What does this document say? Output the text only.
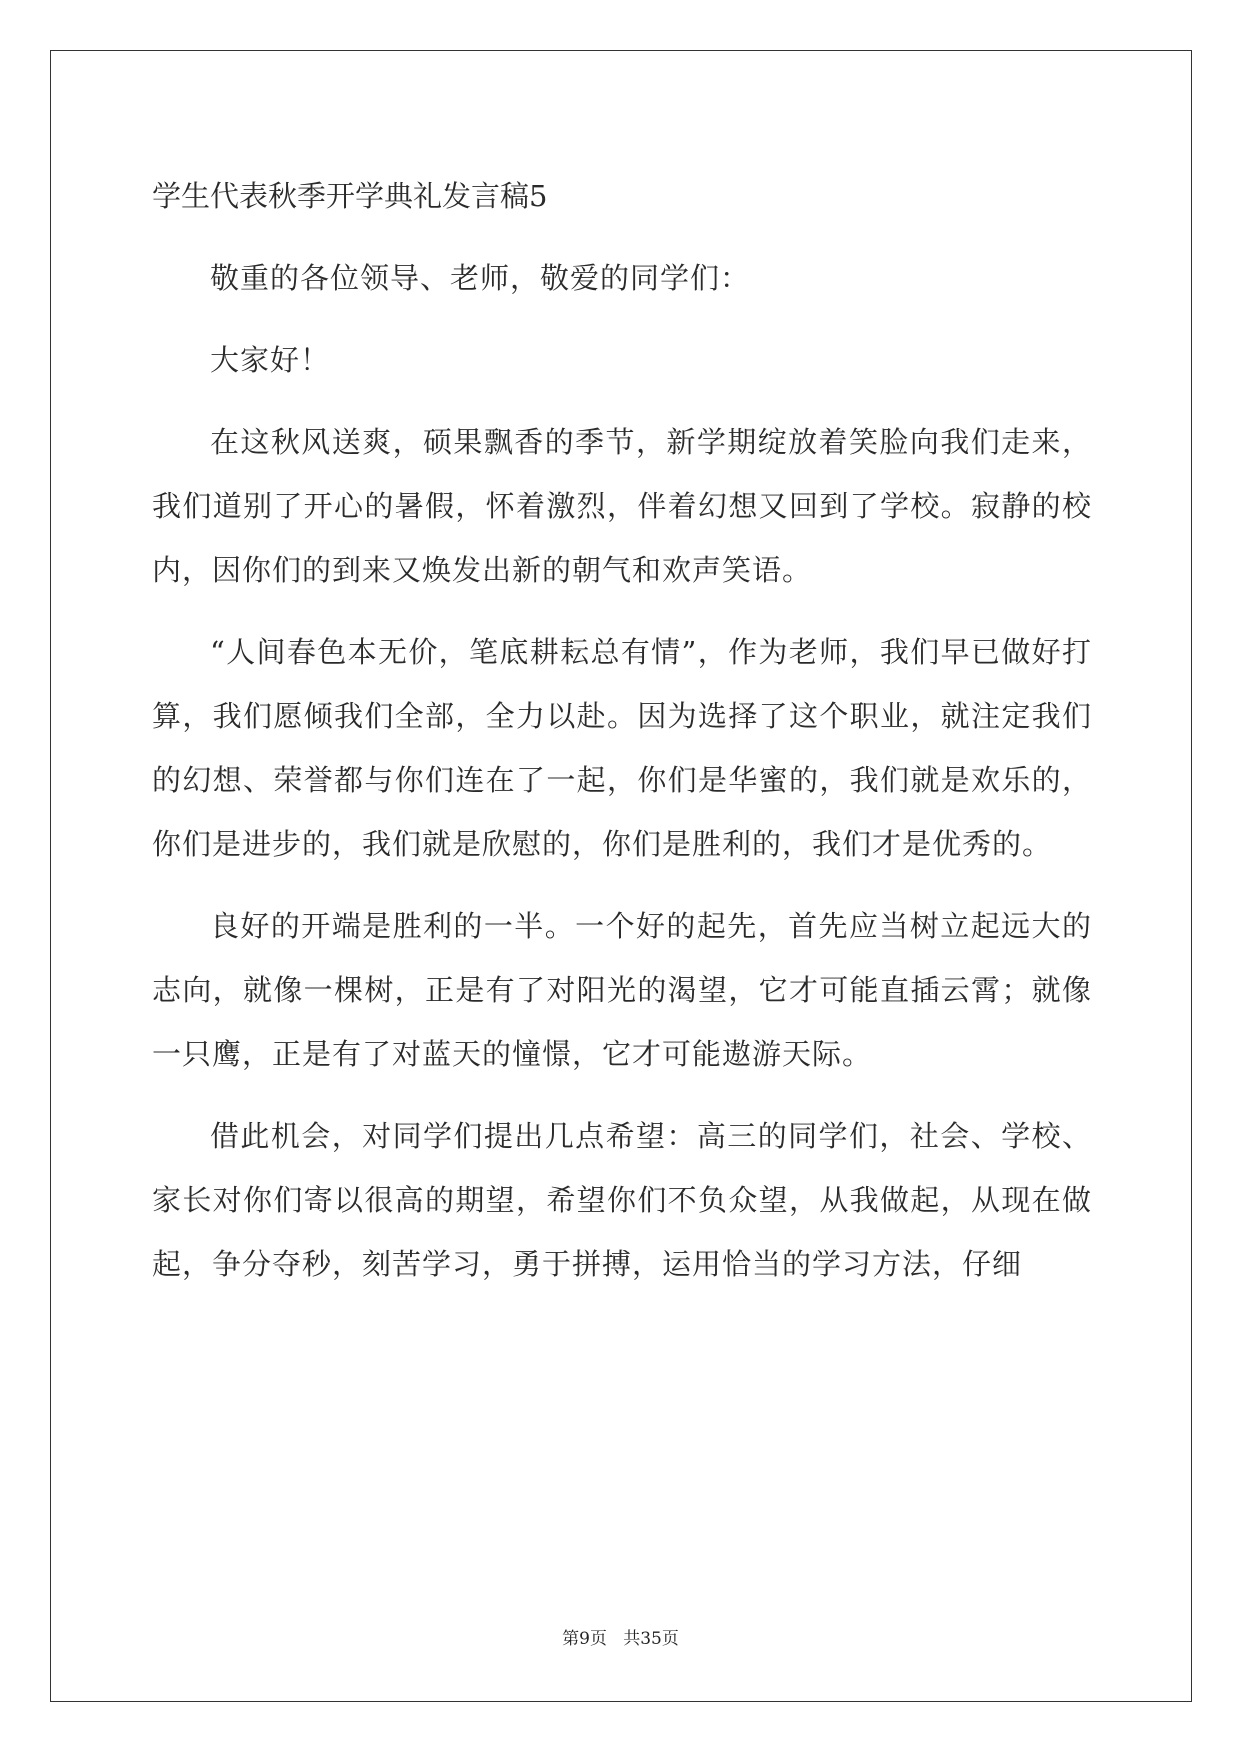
学生代表秋季开学典礼发言稿5

敬重的各位领导、老师，敬爱的同学们：

大家好！

在这秋风送爽，硕果飘香的季节，新学期绽放着笑脸向我们走来，我们道别了开心的暑假，怀着激烈，伴着幻想又回到了学校。寂静的校内，因你们的到来又焕发出新的朝气和欢声笑语。

“人间春色本无价，笔底耕耘总有情”，作为老师，我们早已做好打算，我们愿倾我们全部，全力以赴。因为选择了这个职业，就注定我们的幻想、荣誉都与你们连在了一起，你们是华蜜的，我们就是欢乐的，你们是进步的，我们就是欣慰的，你们是胜利的，我们才是优秀的。

良好的开端是胜利的一半。一个好的起先，首先应当树立起远大的志向，就像一棵树，正是有了对阳光的渴望，它才可能直插云霄；就像一只鹰，正是有了对蓝天的憧憬，它才可能遨游天际。

借此机会，对同学们提出几点希望：高三的同学们，社会、学校、家长对你们寄以很高的期望，希望你们不负众望，从我做起，从现在做起，争分夺秒，刻苦学习，勇于拼搏，运用恰当的学习方法，仔细

第9页 共35页
